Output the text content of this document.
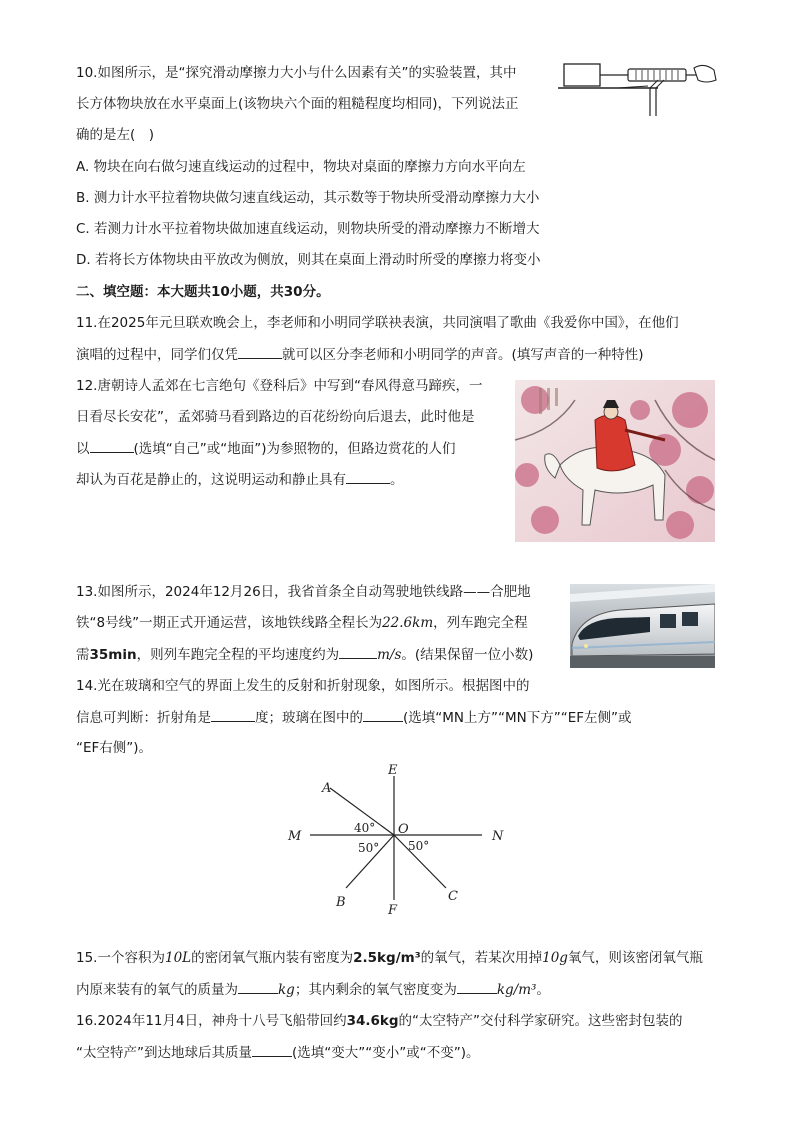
10.如图所示，是“探究滑动摩擦力大小与什么因素有关”的实验装置，其中
长方体物块放在水平桌面上(该物块六个面的粗糙程度均相同)，下列说法正
确的是左(　)
A. 物块在向右做匀速直线运动的过程中，物块对桌面的摩擦力方向水平向左
B. 测力计水平拉着物块做匀速直线运动，其示数等于物块所受滑动摩擦力大小
C. 若测力计水平拉着物块做加速直线运动，则物块所受的滑动摩擦力不断增大
D. 若将长方体物块由平放改为侧放，则其在桌面上滑动时所受的摩擦力将变小
二、填空题：本大题共10小题，共30分。
11.在2025年元旦联欢晚会上，李老师和小明同学联袂表演，共同演唱了歌曲《我爱你中国》，在他们
演唱的过程中，同学们仅凭	就可以区分李老师和小明同学的声音。(填写声音的一种特性)
12.唐朝诗人孟郊在七言绝句《登科后》中写到“春风得意马蹄疾，一
日看尽长安花”，孟郊骑马看到路边的百花纷纷向后退去，此时他是
以	(选填“自己”或“地面”)为参照物的，但路边赏花的人们
却认为百花是静止的，这说明运动和静止具有	。
13.如图所示，2024年12月26日，我省首条全自动驾驶地铁线路——合肥地
铁“8号线”一期正式开通运营，该地铁线路全程长为22.6km，列车跑完全程
需35min，则列车跑完全程的平均速度约为	m/s。(结果保留一位小数)
14.光在玻璃和空气的界面上发生的反射和折射现象，如图所示。根据图中的
信息可判断：折射角是	度；玻璃在图中的	(选填“MN上方”“MN下方”“EF左侧”或
“EF右侧”)。
E
F
M	N
O
A
B	C
40°
50° 50°
15.一个容积为10L的密闭氧气瓶内装有密度为2.5kg/m³的氧气，若某次用掉10g氧气，则该密闭氧气瓶
内原来装有的氧气的质量为	kg；其内剩余的氧气密度变为	kg/m³。
16.2024年11月4日，神舟十八号飞船带回约34.6kg的“太空特产”交付科学家研究。这些密封包装的
“太空特产”到达地球后其质量	(选填“变大”“变小”或“不变”)。
